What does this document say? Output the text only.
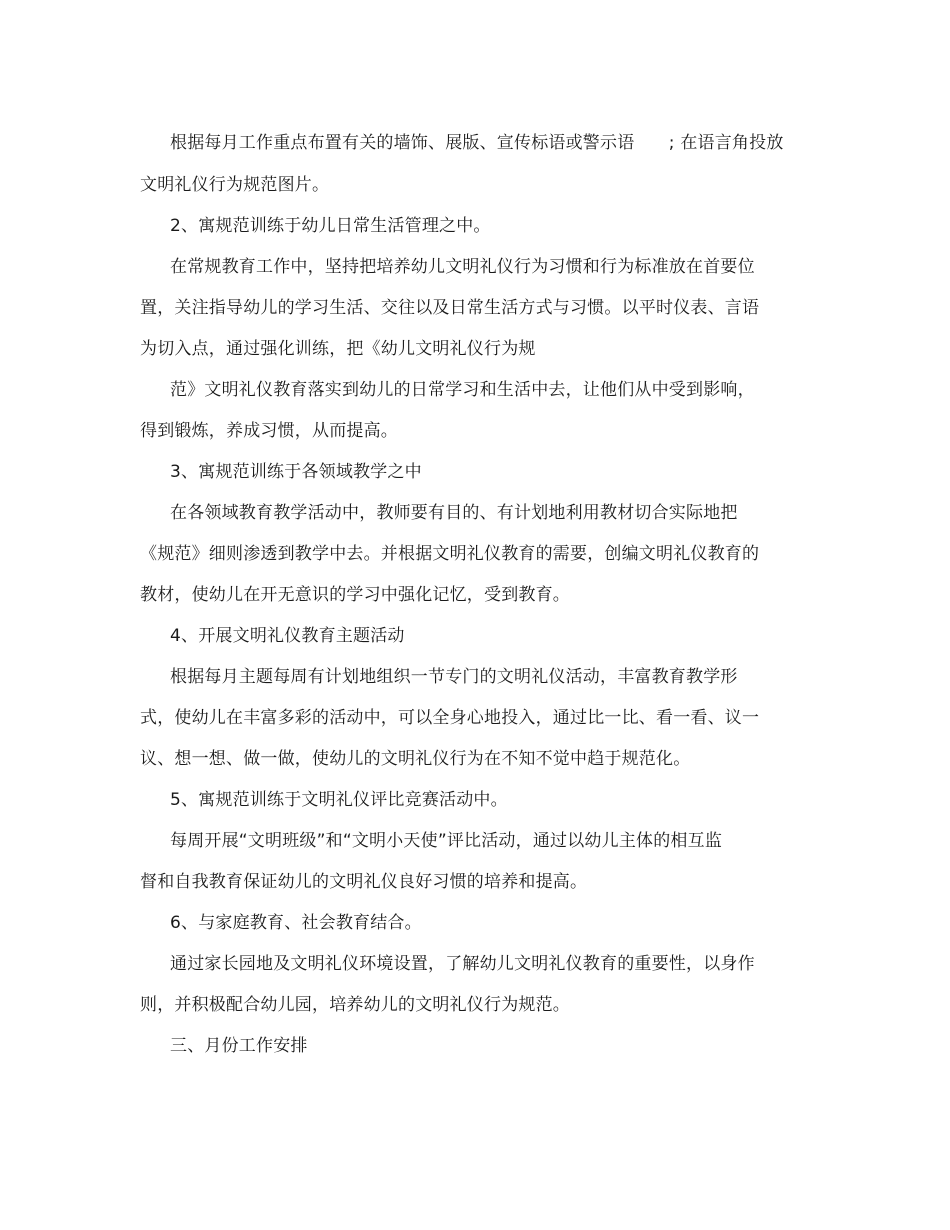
根据每月工作重点布置有关的墙饰、展版、宣传标语或警示语　　; 在语言角投放
文明礼仪行为规范图片。
2、寓规范训练于幼儿日常生活管理之中。
在常规教育工作中，坚持把培养幼儿文明礼仪行为习惯和行为标准放在首要位
置，关注指导幼儿的学习生活、交往以及日常生活方式与习惯。以平时仪表、言语
为切入点，通过强化训练，把《幼儿文明礼仪行为规
范》文明礼仪教育落实到幼儿的日常学习和生活中去，让他们从中受到影响，
得到锻炼，养成习惯，从而提高。
3、寓规范训练于各领域教学之中
在各领域教育教学活动中，教师要有目的、有计划地利用教材切合实际地把
《规范》细则渗透到教学中去。并根据文明礼仪教育的需要，创编文明礼仪教育的
教材，使幼儿在开无意识的学习中强化记忆，受到教育。
4、开展文明礼仪教育主题活动
根据每月主题每周有计划地组织一节专门的文明礼仪活动，丰富教育教学形
式，使幼儿在丰富多彩的活动中，可以全身心地投入，通过比一比、看一看、议一
议、想一想、做一做，使幼儿的文明礼仪行为在不知不觉中趋于规范化。
5、寓规范训练于文明礼仪评比竞赛活动中。
每周开展“文明班级”和“文明小天使”评比活动，通过以幼儿主体的相互监
督和自我教育保证幼儿的文明礼仪良好习惯的培养和提高。
6、与家庭教育、社会教育结合。
通过家长园地及文明礼仪环境设置，了解幼儿文明礼仪教育的重要性，以身作
则，并积极配合幼儿园，培养幼儿的文明礼仪行为规范。
三、月份工作安排
